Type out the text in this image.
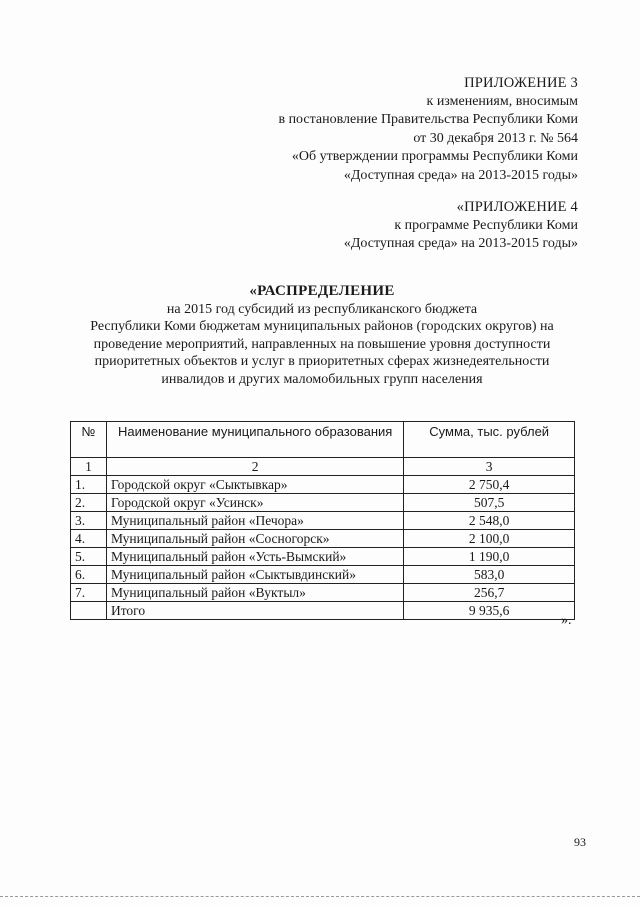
ПРИЛОЖЕНИЕ 3
к изменениям, вносимым
в постановление Правительства Республики Коми
от 30 декабря 2013 г. № 564
«Об утверждении программы Республики Коми
«Доступная среда» на 2013-2015 годы»
«ПРИЛОЖЕНИЕ 4
к программе Республики Коми
«Доступная среда» на 2013-2015 годы»
«РАСПРЕДЕЛЕНИЕ
на 2015 год субсидий из республиканского бюджета
Республики Коми бюджетам муниципальных районов (городских округов) на
проведение мероприятий, направленных на повышение уровня доступности
приоритетных объектов и услуг в приоритетных сферах жизнедеятельности
инвалидов и других маломобильных групп населения
№	Наименование муниципального образования	Сумма, тыс. рублей
1	2	3
1.	Городской округ «Сыктывкар»	2 750,4
2.	Городской округ «Усинск»	507,5
3.	Муниципальный район «Печора»	2 548,0
4.	Муниципальный район «Сосногорск»	2 100,0
5.	Муниципальный район «Усть-Вымский»	1 190,0
6.	Муниципальный район «Сыктывдинский»	583,0
7.	Муниципальный район «Вуктыл»	256,7
	Итого	9 935,6
».
93
